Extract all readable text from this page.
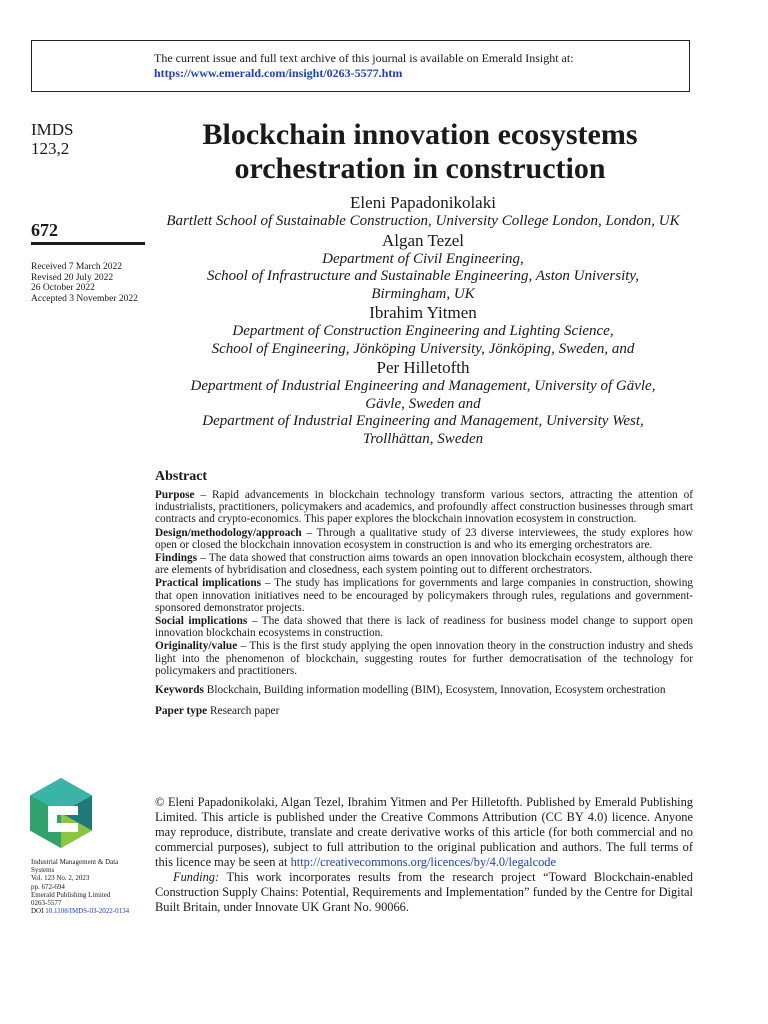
The current issue and full text archive of this journal is available on Emerald Insight at:
https://www.emerald.com/insight/0263-5577.htm
IMDS
123,2
672
Received 7 March 2022
Revised 20 July 2022
26 October 2022
Accepted 3 November 2022
Blockchain innovation ecosystems
orchestration in construction
Eleni Papadonikolaki
Bartlett School of Sustainable Construction, University College London, London, UK
Algan Tezel
Department of Civil Engineering,
School of Infrastructure and Sustainable Engineering, Aston University,
Birmingham, UK
Ibrahim Yitmen
Department of Construction Engineering and Lighting Science,
School of Engineering, Jönköping University, Jönköping, Sweden, and
Per Hilletofth
Department of Industrial Engineering and Management, University of Gävle,
Gävle, Sweden and
Department of Industrial Engineering and Management, University West,
Trollhättan, Sweden
Abstract
Purpose – Rapid advancements in blockchain technology transform various sectors, attracting the attention of industrialists, practitioners, policymakers and academics, and profoundly affect construction businesses through smart contracts and crypto-economics. This paper explores the blockchain innovation ecosystem in construction.
Design/methodology/approach – Through a qualitative study of 23 diverse interviewees, the study explores how open or closed the blockchain innovation ecosystem in construction is and who its emerging orchestrators are.
Findings – The data showed that construction aims towards an open innovation blockchain ecosystem, although there are elements of hybridisation and closedness, each system pointing out to different orchestrators.
Practical implications – The study has implications for governments and large companies in construction, showing that open innovation initiatives need to be encouraged by policymakers through rules, regulations and government-sponsored demonstrator projects.
Social implications – The data showed that there is lack of readiness for business model change to support open innovation blockchain ecosystems in construction.
Originality/value – This is the first study applying the open innovation theory in the construction industry and sheds light into the phenomenon of blockchain, suggesting routes for further democratisation of the technology for policymakers and practitioners.
Keywords Blockchain, Building information modelling (BIM), Ecosystem, Innovation, Ecosystem orchestration
Paper type Research paper
Industrial Management & Data
Systems
Vol. 123 No. 2, 2023
pp. 672-694
Emerald Publishing Limited
0263-5577
DOI 10.1108/IMDS-03-2022-0134
© Eleni Papadonikolaki, Algan Tezel, Ibrahim Yitmen and Per Hilletofth. Published by Emerald Publishing Limited. This article is published under the Creative Commons Attribution (CC BY 4.0) licence. Anyone may reproduce, distribute, translate and create derivative works of this article (for both commercial and no commercial purposes), subject to full attribution to the original publication and authors. The full terms of this licence may be seen at http://creativecommons.org/licences/by/4.0/legalcode
Funding: This work incorporates results from the research project “Toward Blockchain-enabled Construction Supply Chains: Potential, Requirements and Implementation” funded by the Centre for Digital Built Britain, under Innovate UK Grant No. 90066.
